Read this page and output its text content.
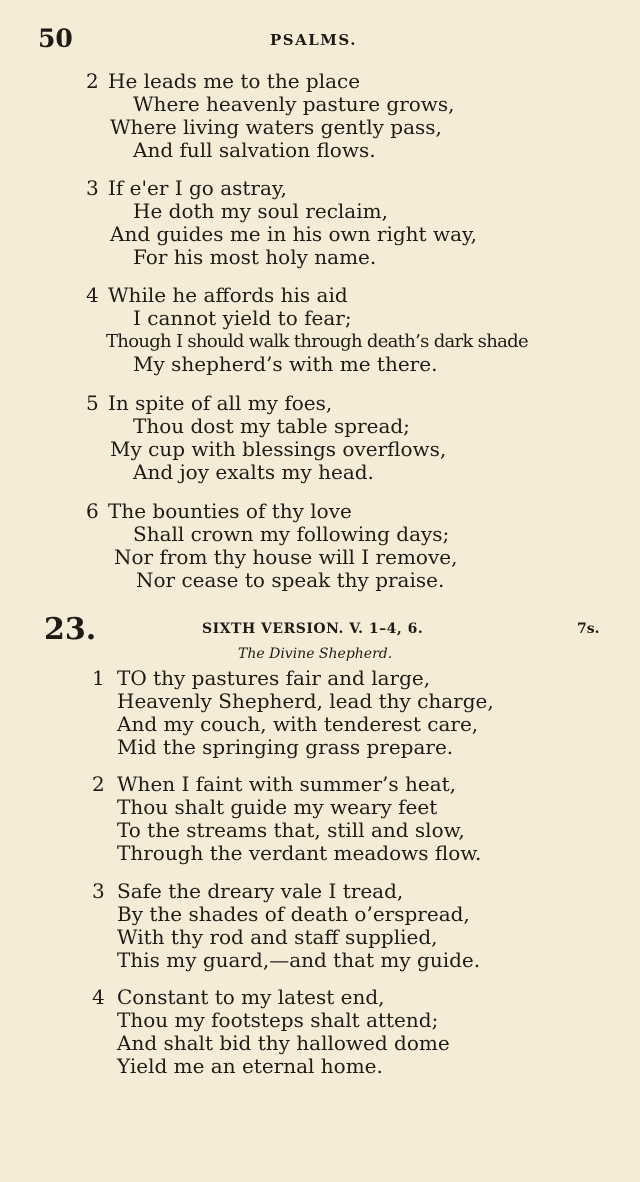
50	PSALMS.
2 He leads me to the place
Where heavenly pasture grows,
Where living waters gently pass,
And full salvation flows.
3 If e'er I go astray,
He doth my soul reclaim,
And guides me in his own right way,
For his most holy name.
4 While he affords his aid
I cannot yield to fear;
Though I should walk through death’s dark shade
My shepherd’s with me there.
5 In spite of all my foes,
Thou dost my table spread;
My cup with blessings overflows,
And joy exalts my head.
6 The bounties of thy love
Shall crown my following days;
Nor from thy house will I remove,
Nor cease to speak thy praise.
23.	SIXTH VERSION. V. 1–4, 6.	7s.
The Divine Shepherd.
1 TO thy pastures fair and large,
Heavenly Shepherd, lead thy charge,
And my couch, with tenderest care,
Mid the springing grass prepare.
2 When I faint with summer’s heat,
Thou shalt guide my weary feet
To the streams that, still and slow,
Through the verdant meadows flow.
3 Safe the dreary vale I tread,
By the shades of death o’erspread,
With thy rod and staff supplied,
This my guard,—and that my guide.
4 Constant to my latest end,
Thou my footsteps shalt attend;
And shalt bid thy hallowed dome
Yield me an eternal home.
